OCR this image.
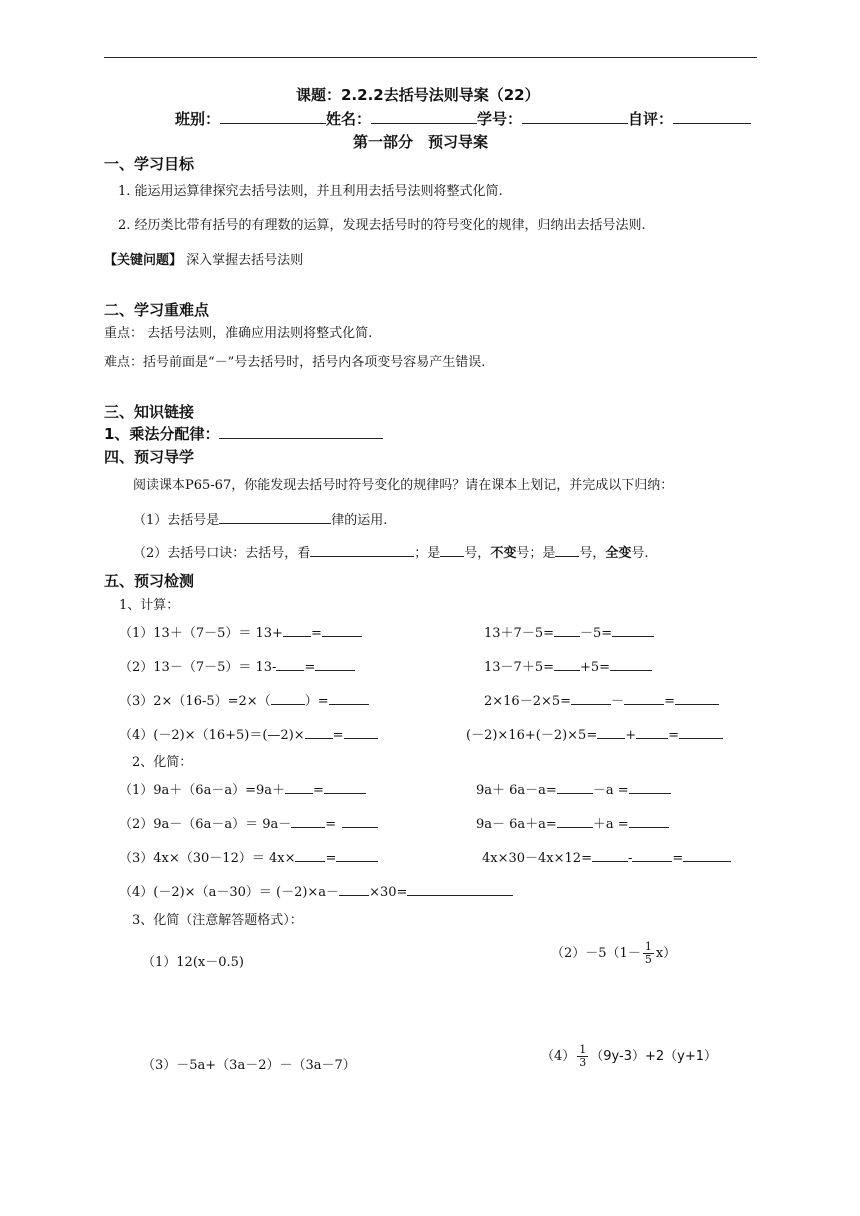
课题：2.2.2去括号法则导案（22）
班别：	姓名：	学号：	自评：
第一部分　预习导案
一、学习目标
1. 能运用运算律探究去括号法则，并且利用去括号法则将整式化简.
2. 经历类比带有括号的有理数的运算，发现去括号时的符号变化的规律，归纳出去括号法则.
【关键问题】 深入掌握去括号法则
二、学习重难点
重点： 去括号法则，准确应用法则将整式化简.
难点：括号前面是“－”号去括号时，括号内各项变号容易产生错误.
三、知识链接
1、乘法分配律：
四、预习导学
阅读课本P65-67，你能发现去括号时符号变化的规律吗？请在课本上划记，并完成以下归纳：
（1）去括号是	律的运用.
（2）去括号口诀：去括号，看	；是 号，不变号；是 号，全变号.
五、预习检测
1、计算：
（1）13＋（7－5）＝ 13+ =	13＋7－5= －5=
（2）13－（7－5）＝ 13- =	13－7＋5= +5=
（3）2×（16-5）=2×（	）=	2×16－2×5=	－	=
（4）(－2)×（16+5)＝(—2)× =	(－2)×16+(－2)×5= + =
2、化简：
（1）9a＋（6a－a）=9a＋ =	9a＋ 6a－a=	－a =
（2）9a－（6a－a）＝ 9a－	=	9a－ 6a＋a=	＋a =
（3）4x×（30－12）＝ 4x× =	4x×30－4x×12=	-	=
（4）(－2)×（a－30）＝ (－2)×a－ ×30=
3、化简（注意解答题格式）：
（1）12(x－0.5)
$(2)-5(1- \frac{1}{5} x)$
（3）－5a+（3a－2）－（3a－7）
$(4) \frac{1}{3} (9y-3)+2(y+1)$
